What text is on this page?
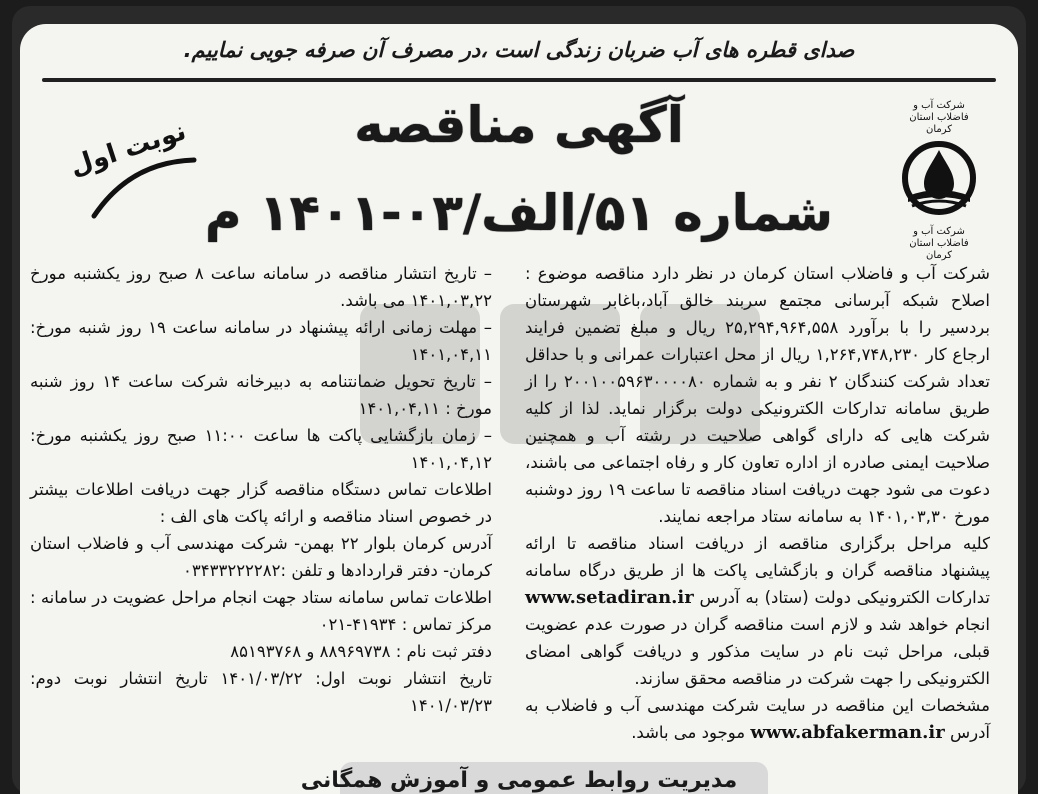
صدای قطره های آب ضربان زندگی است ،در مصرف آن صرفه جویی نماییم.
شرکت آب و فاضلاب استان کرمان
شرکت آب و فاضلاب استان کرمان
نوبت اول	آگهی مناقصه
شماره ۵۱/الف/۰۳-۱۴۰۱ م

شرکت آب و فاضلاب استان کرمان در نظر دارد مناقصه موضوع : اصلاح شبکه آبرسانی مجتمع سربند خالق آباد،باغابر شهرستان بردسیر را با برآورد ۲۵,۲۹۴,۹۶۴,۵۵۸ ریال و مبلغ تضمین فرایند ارجاع کار ۱,۲۶۴,۷۴۸,۲۳۰ ریال از محل اعتبارات عمرانی و با حداقل تعداد شرکت کنندگان ۲ نفر و به شماره ۲۰۰۱۰۰۵۹۶۳۰۰۰۰۸۰ را از طریق سامانه تدارکات الکترونیکی دولت برگزار نماید. لذا از کلیه شرکت هایی که دارای گواهی صلاحیت در رشته آب و همچنین صلاحیت ایمنی صادره از اداره تعاون کار و رفاه اجتماعی می باشند، دعوت می شود جهت دریافت اسناد مناقصه تا ساعت ۱۹ روز دوشنبه مورخ ۱۴۰۱,۰۳,۳۰ به سامانه ستاد مراجعه نمایند.

کلیه مراحل برگزاری مناقصه از دریافت اسناد مناقصه تا ارائه پیشنهاد مناقصه گران و بازگشایی پاکت ها از طریق درگاه سامانه تدارکات الکترونیکی دولت (ستاد) به آدرس www.setadiran.ir انجام خواهد شد و لازم است مناقصه گران در صورت عدم عضویت قبلی، مراحل ثبت نام در سایت مذکور و دریافت گواهی امضای الکترونیکی را جهت شرکت در مناقصه محقق سازند.

مشخصات این مناقصه در سایت شرکت مهندسی آب و فاضلاب به آدرس www.abfakerman.ir موجود می باشد.

– تاریخ انتشار مناقصه در سامانه ساعت ۸ صبح روز یکشنبه مورخ ۱۴۰۱,۰۳,۲۲ می باشد.

– مهلت زمانی ارائه پیشنهاد در سامانه ساعت ۱۹ روز شنبه مورخ: ۱۴۰۱,۰۴,۱۱

– تاریخ تحویل ضمانتنامه به دبیرخانه شرکت ساعت ۱۴ روز شنبه مورخ : ۱۴۰۱,۰۴,۱۱

– زمان بازگشایی پاکت ها ساعت ۱۱:۰۰ صبح روز یکشنبه مورخ: ۱۴۰۱,۰۴,۱۲

اطلاعات تماس دستگاه مناقصه گزار جهت دریافت اطلاعات بیشتر در خصوص اسناد مناقصه و ارائه پاکت های الف :

آدرس کرمان بلوار ۲۲ بهمن- شرکت مهندسی آب و فاضلاب استان کرمان- دفتر قراردادها و تلفن :۰۳۴۳۳۲۲۲۲۸۲

اطلاعات تماس سامانه ستاد جهت انجام مراحل عضویت در سامانه : مرکز تماس : ۴۱۹۳۴-۰۲۱

دفتر ثبت نام : ۸۸۹۶۹۷۳۸ و ۸۵۱۹۳۷۶۸

تاریخ انتشار نوبت اول: ۱۴۰۱/۰۳/۲۲ تاریخ انتشار نوبت دوم: ۱۴۰۱/۰۳/۲۳

مدیریت روابط عمومی و آموزش همگانی
